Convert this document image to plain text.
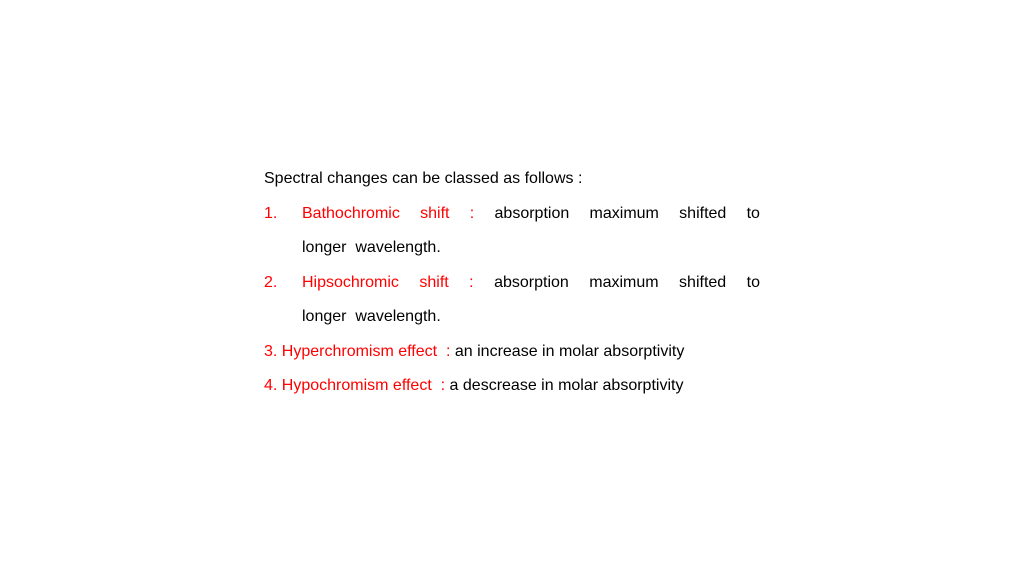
Spectral changes can be classed as follows :
1.	Bathochromic shift : absorption maximum shifted to
longer  wavelength.
2.	Hipsochromic shift : absorption maximum shifted to
longer  wavelength.
3. Hyperchromism effect  : an increase in molar absorptivity
4. Hypochromism effect  : a descrease in molar absorptivity
